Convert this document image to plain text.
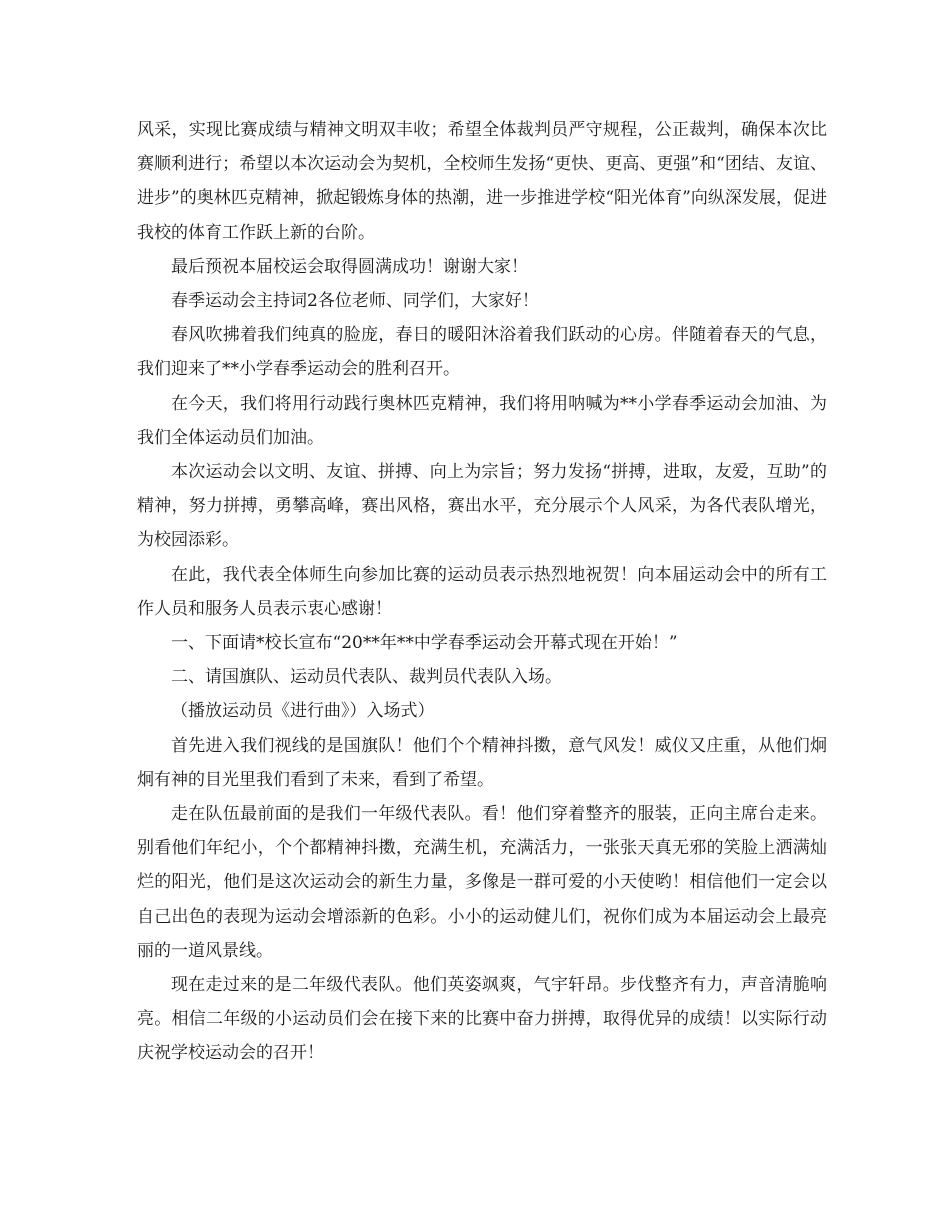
风采，实现比赛成绩与精神文明双丰收；希望全体裁判员严守规程，公正裁判，确保本次比赛顺利进行；希望以本次运动会为契机，全校师生发扬“更快、更高、更强”和“团结、友谊、进步”的奥林匹克精神，掀起锻炼身体的热潮，进一步推进学校“阳光体育”向纵深发展，促进我校的体育工作跃上新的台阶。

最后预祝本届校运会取得圆满成功！谢谢大家！

春季运动会主持词2各位老师、同学们，大家好！

春风吹拂着我们纯真的脸庞，春日的暖阳沐浴着我们跃动的心房。伴随着春天的气息，我们迎来了**小学春季运动会的胜利召开。

在今天，我们将用行动践行奥林匹克精神，我们将用呐喊为**小学春季运动会加油、为我们全体运动员们加油。

本次运动会以文明、友谊、拼搏、向上为宗旨；努力发扬“拼搏，进取，友爱，互助”的精神，努力拼搏，勇攀高峰，赛出风格，赛出水平，充分展示个人风采，为各代表队增光，为校园添彩。

在此，我代表全体师生向参加比赛的运动员表示热烈地祝贺！向本届运动会中的所有工作人员和服务人员表示衷心感谢！

一、下面请*校长宣布“20**年**中学春季运动会开幕式现在开始！”

二、请国旗队、运动员代表队、裁判员代表队入场。

（播放运动员《进行曲》）入场式）

首先进入我们视线的是国旗队！他们个个精神抖擞，意气风发！威仪又庄重，从他们炯炯有神的目光里我们看到了未来，看到了希望。

走在队伍最前面的是我们一年级代表队。看！他们穿着整齐的服装，正向主席台走来。别看他们年纪小，个个都精神抖擞，充满生机，充满活力，一张张天真无邪的笑脸上洒满灿烂的阳光，他们是这次运动会的新生力量，多像是一群可爱的小天使哟！相信他们一定会以自己出色的表现为运动会增添新的色彩。小小的运动健儿们，祝你们成为本届运动会上最亮丽的一道风景线。

现在走过来的是二年级代表队。他们英姿飒爽，气宇轩昂。步伐整齐有力，声音清脆响亮。相信二年级的小运动员们会在接下来的比赛中奋力拼搏，取得优异的成绩！以实际行动庆祝学校运动会的召开！
